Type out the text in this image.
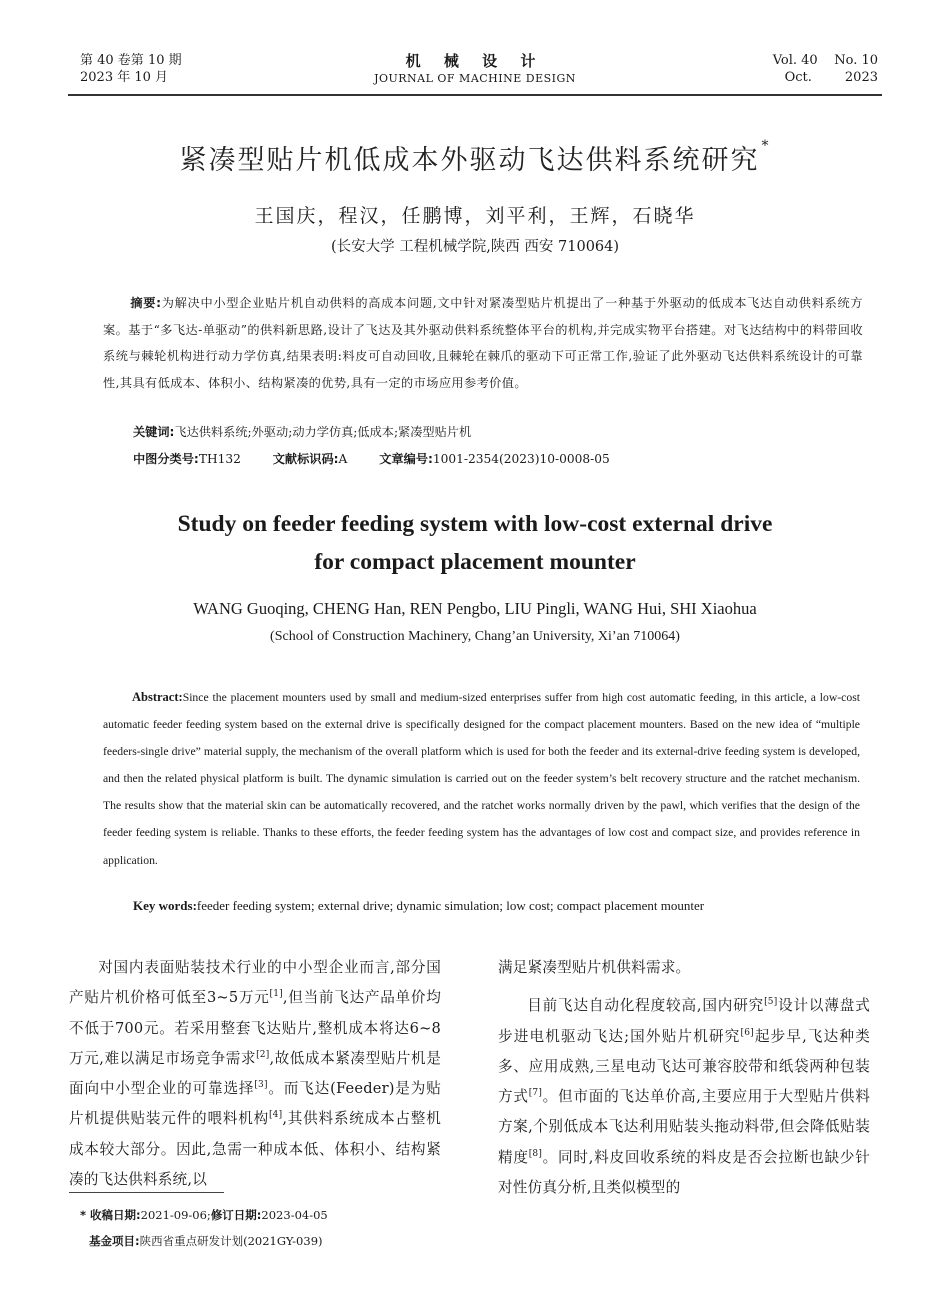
第 40 卷第 10 期
2023 年 10 月
机 械 设 计
JOURNAL OF MACHINE DESIGN
Vol. 40    No. 10
Oct.        2023
紧凑型贴片机低成本外驱动飞达供料系统研究 *
王国庆，程汉，任鹏博，刘平利，王辉，石晓华
(长安大学 工程机械学院,陕西 西安 710064)
摘要:为解决中小型企业贴片机自动供料的高成本问题,文中针对紧凑型贴片机提出了一种基于外驱动的低成本飞达自动供料系统方案。基于“多飞达-单驱动”的供料新思路,设计了飞达及其外驱动供料系统整体平台的机构,并完成实物平台搭建。对飞达结构中的料带回收系统与棘轮机构进行动力学仿真,结果表明:料皮可自动回收,且棘轮在棘爪的驱动下可正常工作,验证了此外驱动飞达供料系统设计的可靠性,其具有低成本、体积小、结构紧凑的优势,具有一定的市场应用参考价值。
关键词:飞达供料系统;外驱动;动力学仿真;低成本;紧凑型贴片机
中图分类号:TH132	文献标识码:A	文章编号:1001-2354(2023)10-0008-05
Study on feeder feeding system with low-cost external drive
for compact placement mounter
WANG Guoqing, CHENG Han, REN Pengbo, LIU Pingli, WANG Hui, SHI Xiaohua
(School of Construction Machinery, Chang’an University, Xi’an 710064)
Abstract:Since the placement mounters used by small and medium-sized enterprises suffer from high cost automatic feeding, in this article, a low-cost automatic feeder feeding system based on the external drive is specifically designed for the compact placement mounters. Based on the new idea of “multiple feeders-single drive” material supply, the mechanism of the overall platform which is used for both the feeder and its external-drive feeding system is developed, and then the related physical platform is built. The dynamic simulation is carried out on the feeder system’s belt recovery structure and the ratchet mechanism. The results show that the material skin can be automatically recovered, and the ratchet works normally driven by the pawl, which verifies that the design of the feeder feeding system is reliable. Thanks to these efforts, the feeder feeding system has the advantages of low cost and compact size, and provides reference in application.
Key words:feeder feeding system; external drive; dynamic simulation; low cost; compact placement mounter

对国内表面贴装技术行业的中小型企业而言,部分国产贴片机价格可低至3~5万元[1],但当前飞达产品单价均不低于700元。若采用整套飞达贴片,整机成本将达6~8万元,难以满足市场竞争需求[2],故低成本紧凑型贴片机是面向中小型企业的可靠选择[3]。而飞达(Feeder)是为贴片机提供贴装元件的喂料机构[4],其供料系统成本占整机成本较大部分。因此,急需一种成本低、体积小、结构紧凑的飞达供料系统,以

满足紧凑型贴片机供料需求。

目前飞达自动化程度较高,国内研究[5]设计以薄盘式步进电机驱动飞达;国外贴片机研究[6]起步早,飞达种类多、应用成熟,三星电动飞达可兼容胶带和纸袋两种包装方式[7]。但市面的飞达单价高,主要应用于大型贴片供料方案,个别低成本飞达利用贴装头拖动料带,但会降低贴装精度[8]。同时,料皮回收系统的料皮是否会拉断也缺少针对性仿真分析,且类似模型的

* 收稿日期:2021-09-06;修订日期:2023-04-05
基金项目:陕西省重点研发计划(2021GY-039)
